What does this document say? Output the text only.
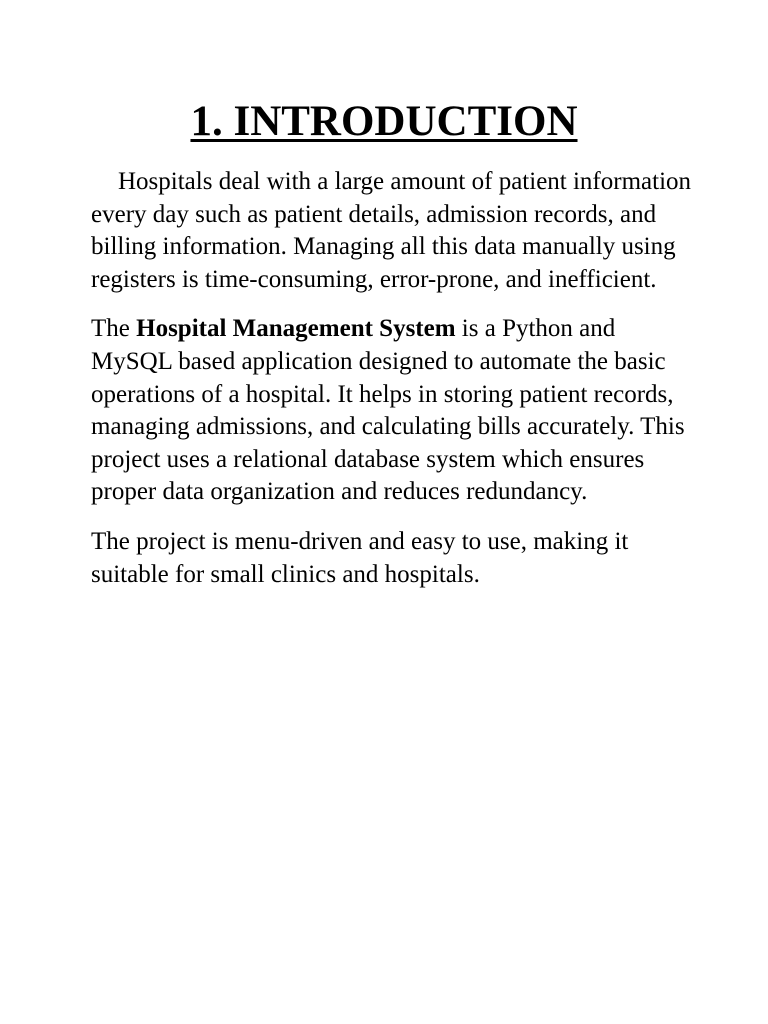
1. INTRODUCTION

Hospitals deal with a large amount of patient information every day such as patient details, admission records, and billing information. Managing all this data manually using registers is time-consuming, error-prone, and inefficient.

The Hospital Management System is a Python and MySQL based application designed to automate the basic operations of a hospital. It helps in storing patient records, managing admissions, and calculating bills accurately. This project uses a relational database system which ensures proper data organization and reduces redundancy.

The project is menu-driven and easy to use, making it suitable for small clinics and hospitals.
